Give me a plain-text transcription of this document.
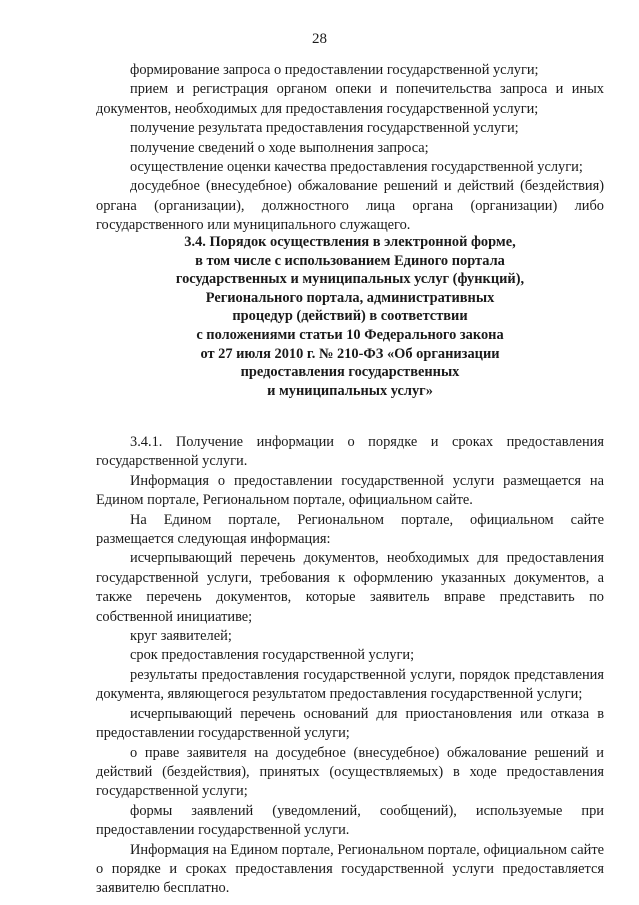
28

формирование запроса о предоставлении государственной услуги;

прием и регистрация органом опеки и попечительства запроса и иных документов, необходимых для предоставления государственной услуги;

получение результата предоставления государственной услуги;

получение сведений о ходе выполнения запроса;

осуществление оценки качества предоставления государственной услуги;

досудебное (внесудебное) обжалование решений и действий (бездействия) органа (организации), должностного лица органа (организации) либо государственного или муниципального служащего.

3.4. Порядок осуществления в электронной форме,
в том числе с использованием Единого портала
государственных и муниципальных услуг (функций),
Регионального портала, административных
процедур (действий) в соответствии
с положениями статьи 10 Федерального закона
от 27 июля 2010 г. № 210-ФЗ «Об организации
предоставления государственных
и муниципальных услуг»

3.4.1. Получение информации о порядке и сроках предоставления государственной услуги.

Информация о предоставлении государственной услуги размещается на Едином портале, Региональном портале, официальном сайте.

На Едином портале, Региональном портале, официальном сайте размещается следующая информация:

исчерпывающий перечень документов, необходимых для предоставления государственной услуги, требования к оформлению указанных документов, а также перечень документов, которые заявитель вправе представить по собственной инициативе;

круг заявителей;

срок предоставления государственной услуги;

результаты предоставления государственной услуги, порядок представления документа, являющегося результатом предоставления государственной услуги;

исчерпывающий перечень оснований для приостановления или отказа в предоставлении государственной услуги;

о праве заявителя на досудебное (внесудебное) обжалование решений и действий (бездействия), принятых (осуществляемых) в ходе предоставления государственной услуги;

формы заявлений (уведомлений, сообщений), используемые при предоставлении государственной услуги.

Информация на Едином портале, Региональном портале, официальном сайте о порядке и сроках предоставления государственной услуги предоставляется заявителю бесплатно.
